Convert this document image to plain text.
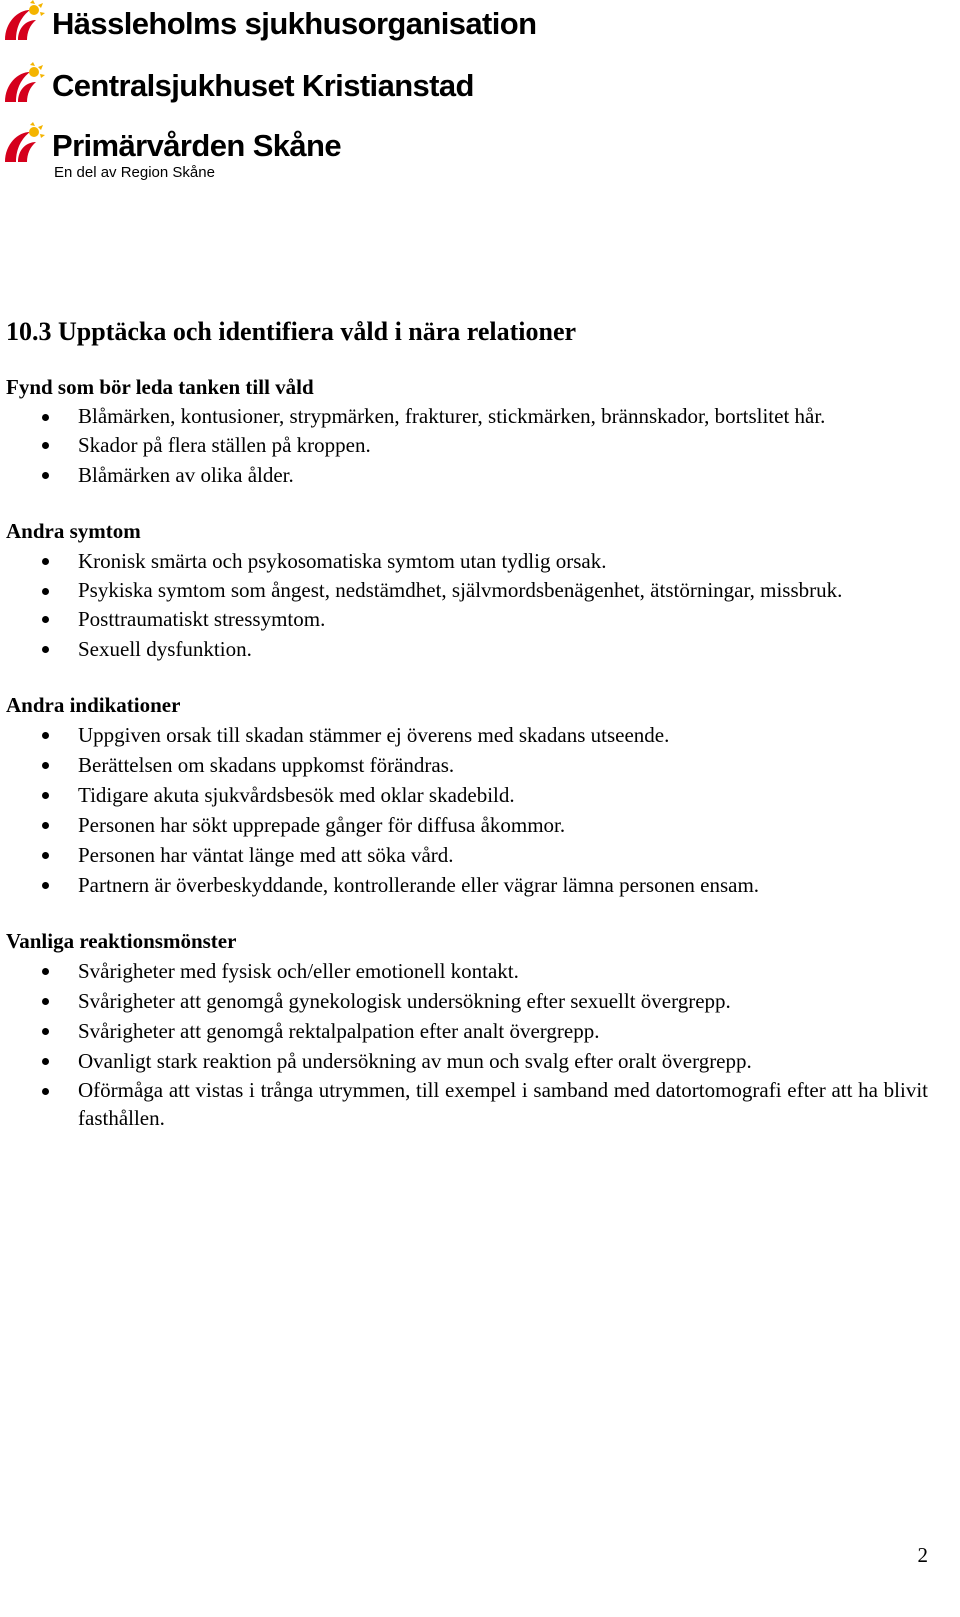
Hässleholms sjukhusorganisation
Centralsjukhuset Kristianstad
Primärvården Skåne
En del av Region Skåne
10.3 Upptäcka och identifiera våld i nära relationer
Fynd som bör leda tanken till våld
Blåmärken, kontusioner, strypmärken, frakturer, stickmärken, brännskador, bortslitet hår.
Skador på flera ställen på kroppen.
Blåmärken av olika ålder.
Andra symtom
Kronisk smärta och psykosomatiska symtom utan tydlig orsak.
Psykiska symtom som ångest, nedstämdhet, självmordsbenägenhet, ätstörningar, missbruk.
Posttraumatiskt stressymtom.
Sexuell dysfunktion.
Andra indikationer
Uppgiven orsak till skadan stämmer ej överens med skadans utseende.
Berättelsen om skadans uppkomst förändras.
Tidigare akuta sjukvårdsbesök med oklar skadebild.
Personen har sökt upprepade gånger för diffusa åkommor.
Personen har väntat länge med att söka vård.
Partnern är överbeskyddande, kontrollerande eller vägrar lämna personen ensam.
Vanliga reaktionsmönster
Svårigheter med fysisk och/eller emotionell kontakt.
Svårigheter att genomgå gynekologisk undersökning efter sexuellt övergrepp.
Svårigheter att genomgå rektalpalpation efter analt övergrepp.
Ovanligt stark reaktion på undersökning av mun och svalg efter oralt övergrepp.
Oförmåga att vistas i trånga utrymmen, till exempel i samband med datortomografi efter att ha blivit fasthållen.
2
